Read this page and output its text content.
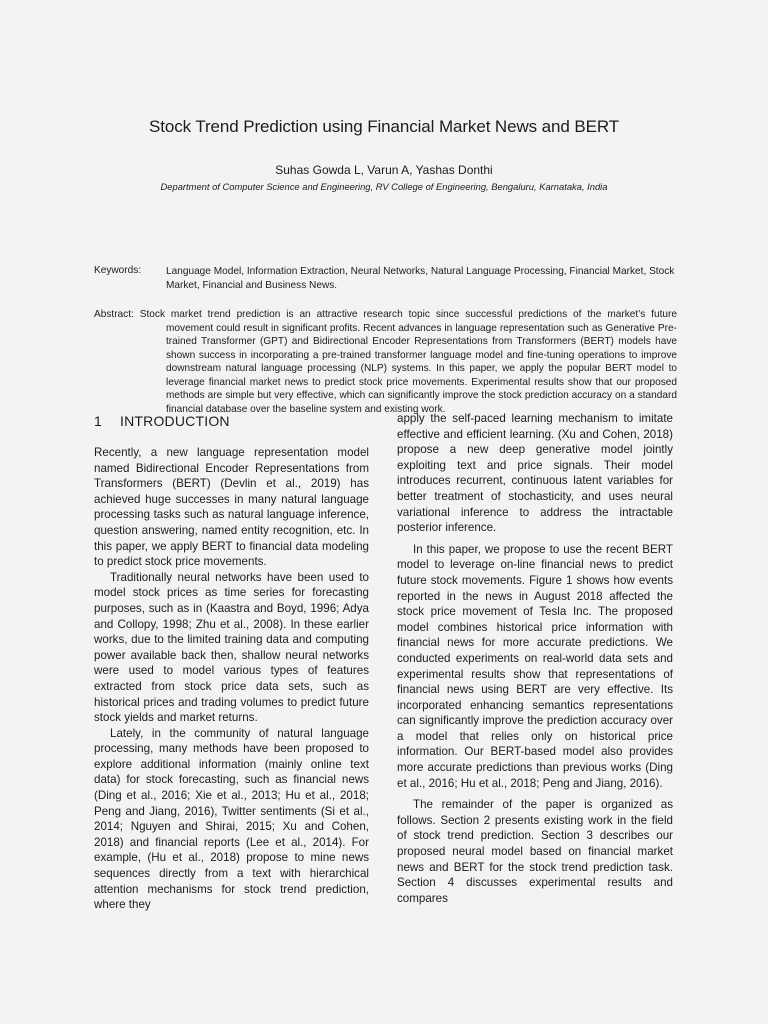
Stock Trend Prediction using Financial Market News and BERT
Suhas Gowda L, Varun A, Yashas Donthi
Department of Computer Science and Engineering, RV College of Engineering, Bengaluru, Karnataka, India
Keywords: Language Model, Information Extraction, Neural Networks, Natural Language Processing, Financial Market, Stock Market, Financial and Business News.
Abstract: Stock market trend prediction is an attractive research topic since successful predictions of the market’s future movement could result in significant profits. Recent advances in language representation such as Generative Pre-trained Transformer (GPT) and Bidirectional Encoder Representations from Transformers (BERT) models have shown success in incorporating a pre-trained transformer language model and fine-tuning operations to improve downstream natural language processing (NLP) systems. In this paper, we apply the popular BERT model to leverage financial market news to predict stock price movements. Experimental results show that our proposed methods are simple but very effective, which can significantly improve the stock prediction accuracy on a standard financial database over the baseline system and existing work.
1 INTRODUCTION

Recently, a new language representation model named Bidirectional Encoder Representations from Transformers (BERT) (Devlin et al., 2019) has achieved huge successes in many natural language processing tasks such as natural language inference, question answering, named entity recognition, etc. In this paper, we apply BERT to financial data modeling to predict stock price movements.

Traditionally neural networks have been used to model stock prices as time series for forecasting purposes, such as in (Kaastra and Boyd, 1996; Adya and Collopy, 1998; Zhu et al., 2008). In these earlier works, due to the limited training data and computing power available back then, shallow neural networks were used to model various types of features extracted from stock price data sets, such as historical prices and trading volumes to predict future stock yields and market returns.

Lately, in the community of natural language processing, many methods have been proposed to explore additional information (mainly online text data) for stock forecasting, such as financial news (Ding et al., 2016; Xie et al., 2013; Hu et al., 2018; Peng and Jiang, 2016), Twitter sentiments (Si et al., 2014; Nguyen and Shirai, 2015; Xu and Cohen, 2018) and financial reports (Lee et al., 2014). For example, (Hu et al., 2018) propose to mine news sequences directly from a text with hierarchical attention mechanisms for stock trend prediction, where they

apply the self-paced learning mechanism to imitate effective and efficient learning. (Xu and Cohen, 2018) propose a new deep generative model jointly exploiting text and price signals. Their model introduces recurrent, continuous latent variables for better treatment of stochasticity, and uses neural variational inference to address the intractable posterior inference.

In this paper, we propose to use the recent BERT model to leverage on-line financial news to predict future stock movements. Figure 1 shows how events reported in the news in August 2018 affected the stock price movement of Tesla Inc. The proposed model combines historical price information with financial news for more accurate predictions. We conducted experiments on real-world data sets and experimental results show that representations of financial news using BERT are very effective. Its incorporated enhancing semantics representations can significantly improve the prediction accuracy over a model that relies only on historical price information. Our BERT-based model also provides more accurate predictions than previous works (Ding et al., 2016; Hu et al., 2018; Peng and Jiang, 2016).

The remainder of the paper is organized as follows. Section 2 presents existing work in the field of stock trend prediction. Section 3 describes our proposed neural model based on financial market news and BERT for the stock trend prediction task. Section 4 discusses experimental results and compares
